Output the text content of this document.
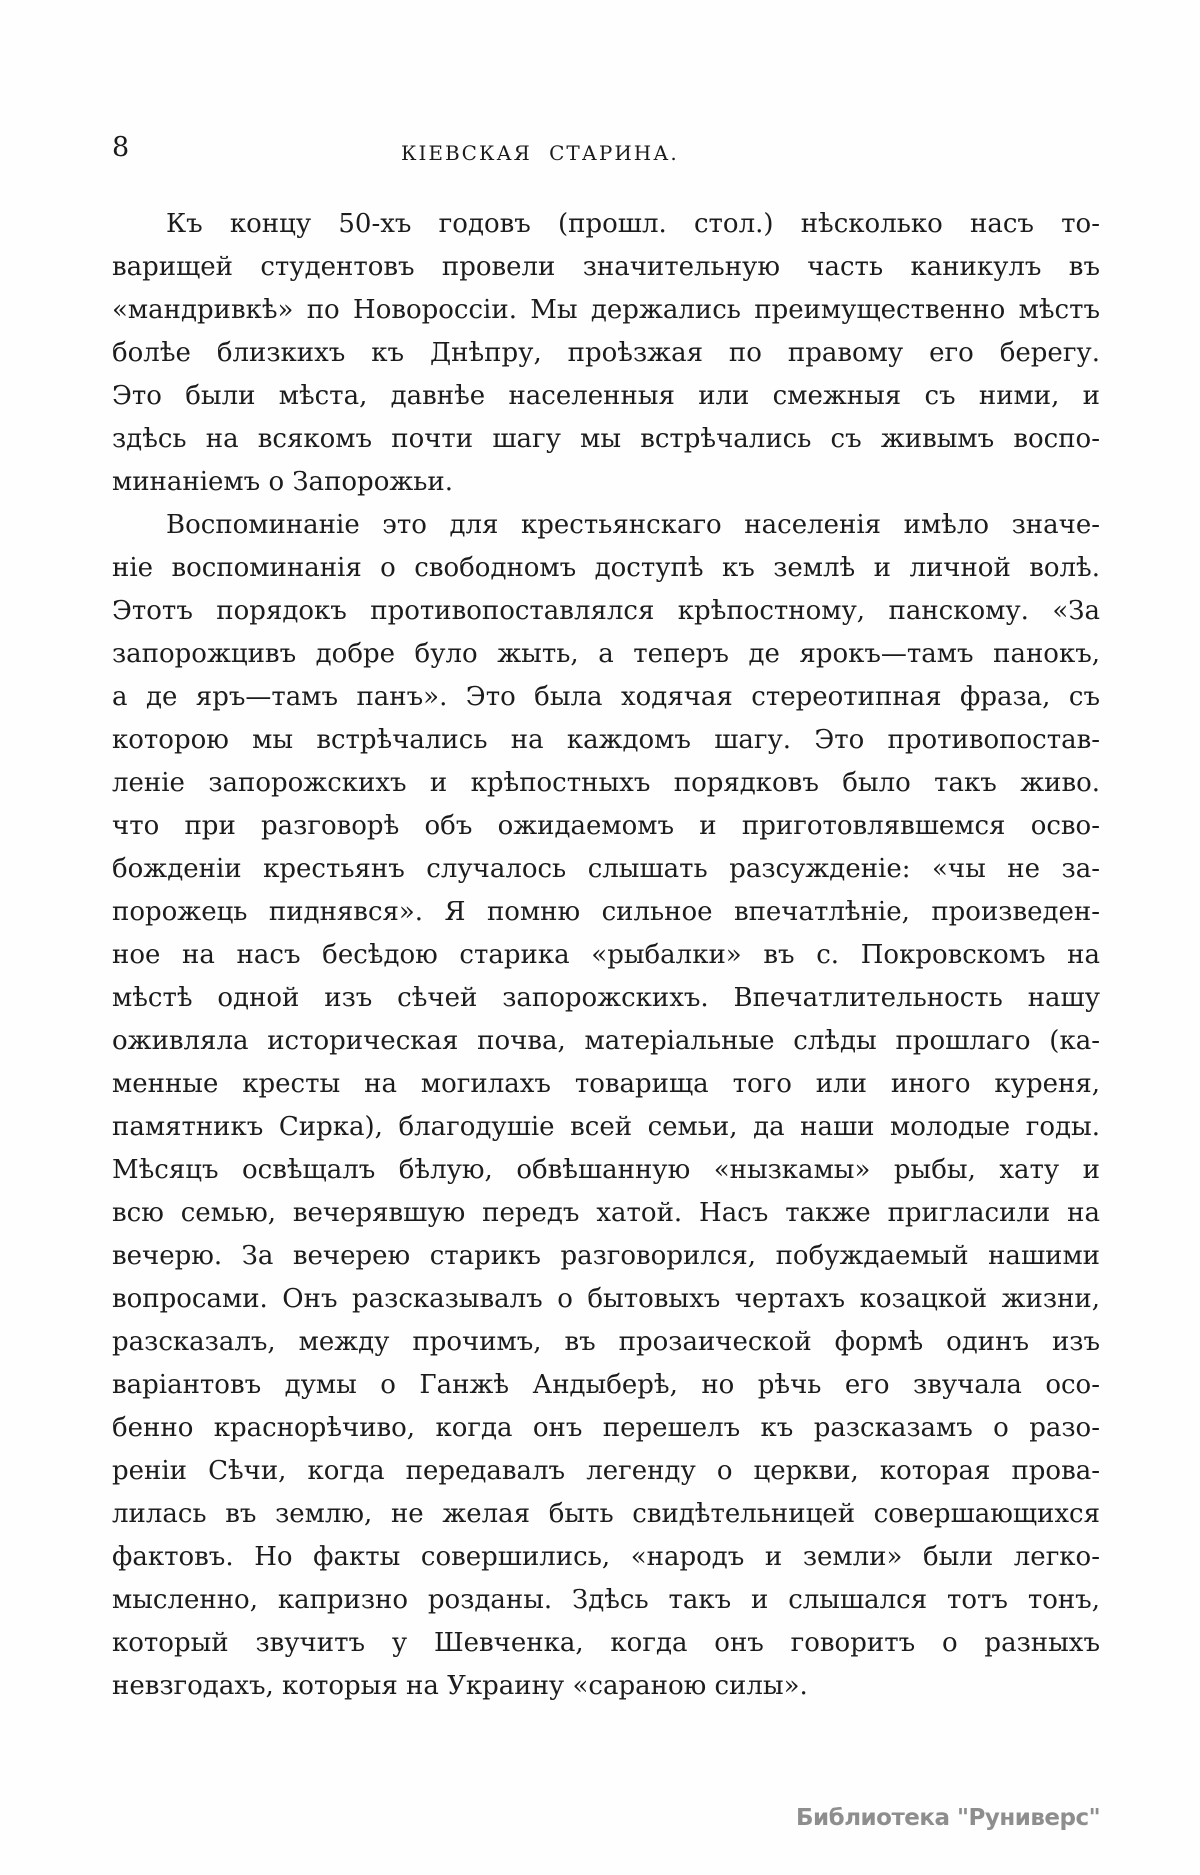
8	КІЕВСКАЯ СТАРИНА.
Къ концу 50-хъ годовъ (прошл. стол.) нѣсколько насъ то-
варищей студентовъ провели значительную часть каникулъ въ
«мандривкѣ» по Новороссіи. Мы держались преимущественно мѣстъ
болѣе близкихъ къ Днѣпру, проѣзжая по правому его берегу.
Это были мѣста, давнѣе населенныя или смежныя съ ними, и
здѣсь на всякомъ почти шагу мы встрѣчались съ живымъ воспо-
минаніемъ о Запорожьи.
Воспоминаніе это для крестьянскаго населенія имѣло значе-
ніе воспоминанія о свободномъ доступѣ къ землѣ и личной волѣ.
Этотъ порядокъ противопоставлялся крѣпостному, панскому. «За
запорожцивъ добре було жыть, а теперъ де ярокъ—тамъ панокъ,
а де яръ—тамъ панъ». Это была ходячая стереотипная фраза, съ
которою мы встрѣчались на каждомъ шагу. Это противопостав-
леніе запорожскихъ и крѣпостныхъ порядковъ было такъ живо.
что при разговорѣ объ ожидаемомъ и приготовлявшемся осво-
божденіи крестьянъ случалось слышать разсужденіе: «чы не за-
порожець пиднявся». Я помню сильное впечатлѣніе, произведен-
ное на насъ бесѣдою старика «рыбалки» въ с. Покровскомъ на
мѣстѣ одной изъ сѣчей запорожскихъ. Впечатлительность нашу
оживляла историческая почва, матеріальные слѣды прошлаго (ка-
менные кресты на могилахъ товарища того или иного куреня,
памятникъ Сирка), благодушіе всей семьи, да наши молодые годы.
Мѣсяцъ освѣщалъ бѣлую, обвѣшанную «нызкамы» рыбы, хату и
всю семью, вечерявшую передъ хатой. Насъ также пригласили на
вечерю. За вечерею старикъ разговорился, побуждаемый нашими
вопросами. Онъ разсказывалъ о бытовыхъ чертахъ козацкой жизни,
разсказалъ, между прочимъ, въ прозаической формѣ одинъ изъ
варіантовъ думы о Ганжѣ Андыберѣ, но рѣчь его звучала осо-
бенно краснорѣчиво, когда онъ перешелъ къ разсказамъ о разо-
реніи Сѣчи, когда передавалъ легенду о церкви, которая прова-
лилась въ землю, не желая быть свидѣтельницей совершающихся
фактовъ. Но факты совершились, «народъ и земли» были легко-
мысленно, капризно розданы. Здѣсь такъ и слышался тотъ тонъ,
который звучитъ у Шевченка, когда онъ говоритъ о разныхъ
невзгодахъ, которыя на Украину «сараною силы».
Библиотека "Руниверс"
